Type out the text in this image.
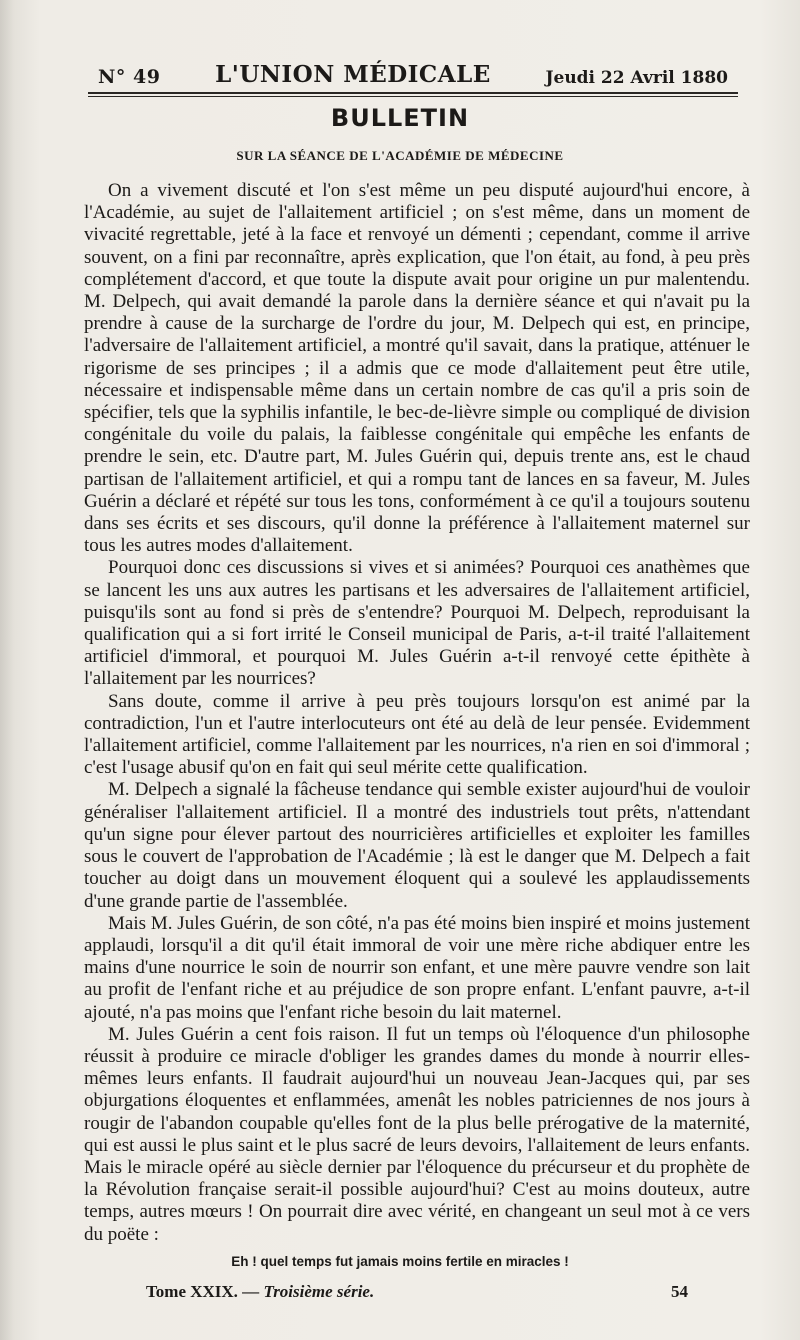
N° 49 L'UNION MÉDICALE	Jeudi 22 Avril 1880
BULLETIN
SUR LA SÉANCE DE L'ACADÉMIE DE MÉDECINE

On a vivement discuté et l'on s'est même un peu disputé aujourd'hui encore, à l'Académie, au sujet de l'allaitement artificiel ; on s'est même, dans un moment de vivacité regrettable, jeté à la face et renvoyé un démenti ; cependant, comme il arrive souvent, on a fini par reconnaître, après explication, que l'on était, au fond, à peu près complétement d'accord, et que toute la dispute avait pour origine un pur malentendu. M. Delpech, qui avait demandé la parole dans la dernière séance et qui n'avait pu la prendre à cause de la surcharge de l'ordre du jour, M. Delpech qui est, en principe, l'adversaire de l'allaitement artificiel, a montré qu'il savait, dans la pratique, atténuer le rigorisme de ses principes ; il a admis que ce mode d'allaitement peut être utile, nécessaire et indispensable même dans un certain nombre de cas qu'il a pris soin de spécifier, tels que la syphilis infantile, le bec-de-lièvre simple ou compliqué de division congénitale du voile du palais, la faiblesse congénitale qui empêche les enfants de prendre le sein, etc. D'autre part, M. Jules Guérin qui, depuis trente ans, est le chaud partisan de l'allaitement artificiel, et qui a rompu tant de lances en sa faveur, M. Jules Guérin a déclaré et répété sur tous les tons, conformément à ce qu'il a toujours soutenu dans ses écrits et ses discours, qu'il donne la préférence à l'allaitement maternel sur tous les autres modes d'allaitement.

Pourquoi donc ces discussions si vives et si animées? Pourquoi ces anathèmes que se lancent les uns aux autres les partisans et les adversaires de l'allaitement artificiel, puisqu'ils sont au fond si près de s'entendre? Pourquoi M. Delpech, reproduisant la qualification qui a si fort irrité le Conseil municipal de Paris, a-t-il traité l'allaitement artificiel d'immoral, et pourquoi M. Jules Guérin a-t-il renvoyé cette épithète à l'allaitement par les nourrices?

Sans doute, comme il arrive à peu près toujours lorsqu'on est animé par la contradiction, l'un et l'autre interlocuteurs ont été au delà de leur pensée. Evidemment l'allaitement artificiel, comme l'allaitement par les nourrices, n'a rien en soi d'immoral ; c'est l'usage abusif qu'on en fait qui seul mérite cette qualification.

M. Delpech a signalé la fâcheuse tendance qui semble exister aujourd'hui de vouloir généraliser l'allaitement artificiel. Il a montré des industriels tout prêts, n'attendant qu'un signe pour élever partout des nourricières artificielles et exploiter les familles sous le couvert de l'approbation de l'Académie ; là est le danger que M. Delpech a fait toucher au doigt dans un mouvement éloquent qui a soulevé les applaudissements d'une grande partie de l'assemblée.

Mais M. Jules Guérin, de son côté, n'a pas été moins bien inspiré et moins justement applaudi, lorsqu'il a dit qu'il était immoral de voir une mère riche abdiquer entre les mains d'une nourrice le soin de nourrir son enfant, et une mère pauvre vendre son lait au profit de l'enfant riche et au préjudice de son propre enfant. L'enfant pauvre, a-t-il ajouté, n'a pas moins que l'enfant riche besoin du lait maternel.

M. Jules Guérin a cent fois raison. Il fut un temps où l'éloquence d'un philosophe réussit à produire ce miracle d'obliger les grandes dames du monde à nourrir elles-mêmes leurs enfants. Il faudrait aujourd'hui un nouveau Jean-Jacques qui, par ses objurgations éloquentes et enflammées, amenât les nobles patriciennes de nos jours à rougir de l'abandon coupable qu'elles font de la plus belle prérogative de la maternité, qui est aussi le plus saint et le plus sacré de leurs devoirs, l'allaitement de leurs enfants. Mais le miracle opéré au siècle dernier par l'éloquence du précurseur et du prophète de la Révolution française serait-il possible aujourd'hui? C'est au moins douteux, autre temps, autres mœurs ! On pourrait dire avec vérité, en changeant un seul mot à ce vers du poëte :

Eh ! quel temps fut jamais moins fertile en miracles !
Tome XXIX. — Troisième série.	54
